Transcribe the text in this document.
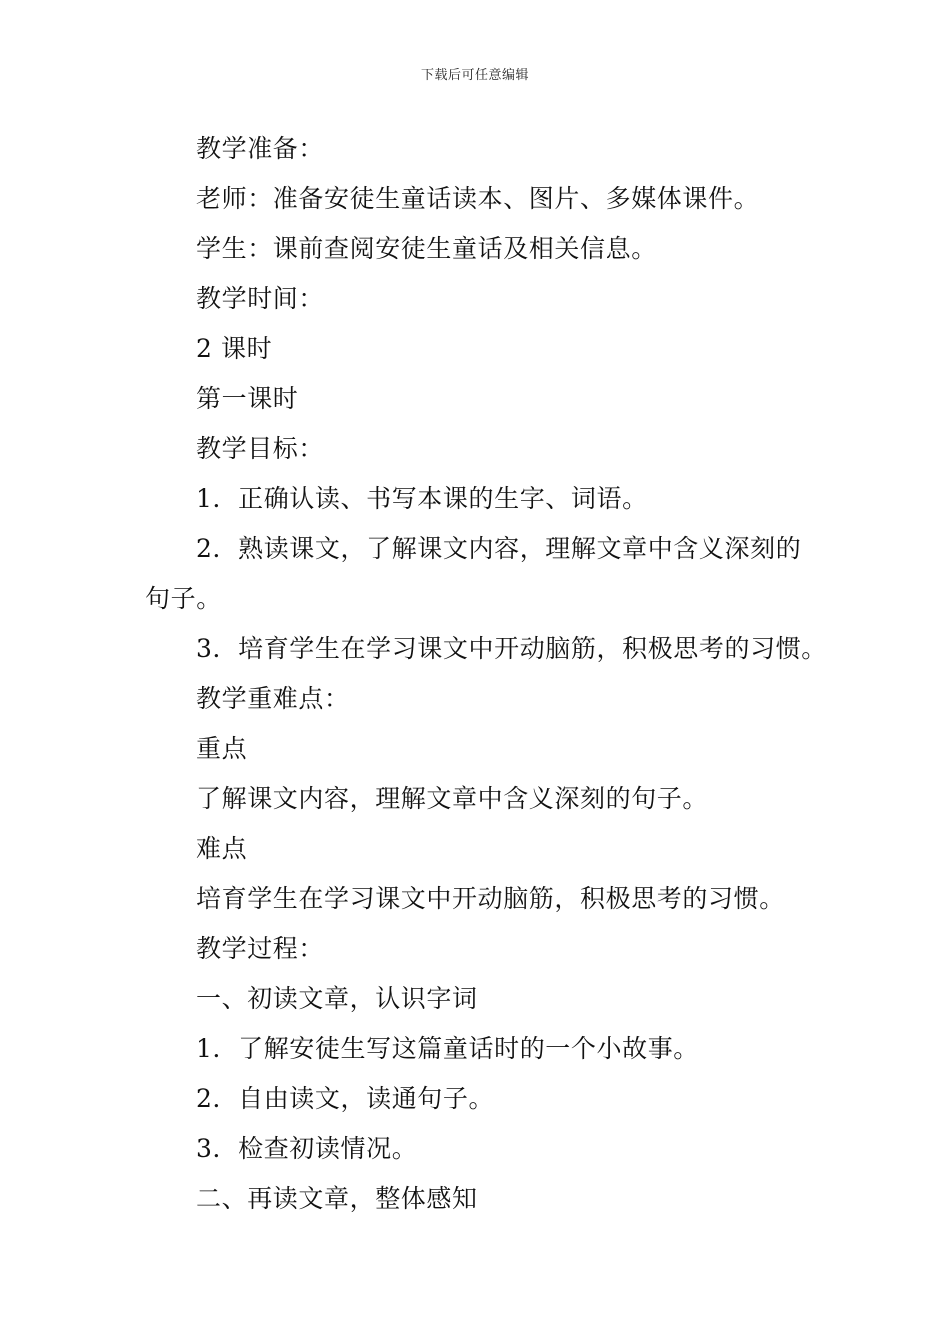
下载后可任意编辑
教学准备：
老师：准备安徒生童话读本、图片、多媒体课件。
学生：课前查阅安徒生童话及相关信息。
教学时间：
2 课时
第一课时
教学目标：
1．正确认读、书写本课的生字、词语。
2．熟读课文，了解课文内容，理解文章中含义深刻的
句子。
3．培育学生在学习课文中开动脑筋，积极思考的习惯。
教学重难点：
重点
了解课文内容，理解文章中含义深刻的句子。
难点
培育学生在学习课文中开动脑筋，积极思考的习惯。
教学过程：
一、初读文章，认识字词
1．了解安徒生写这篇童话时的一个小故事。
2．自由读文，读通句子。
3．检查初读情况。
二、再读文章，整体感知
